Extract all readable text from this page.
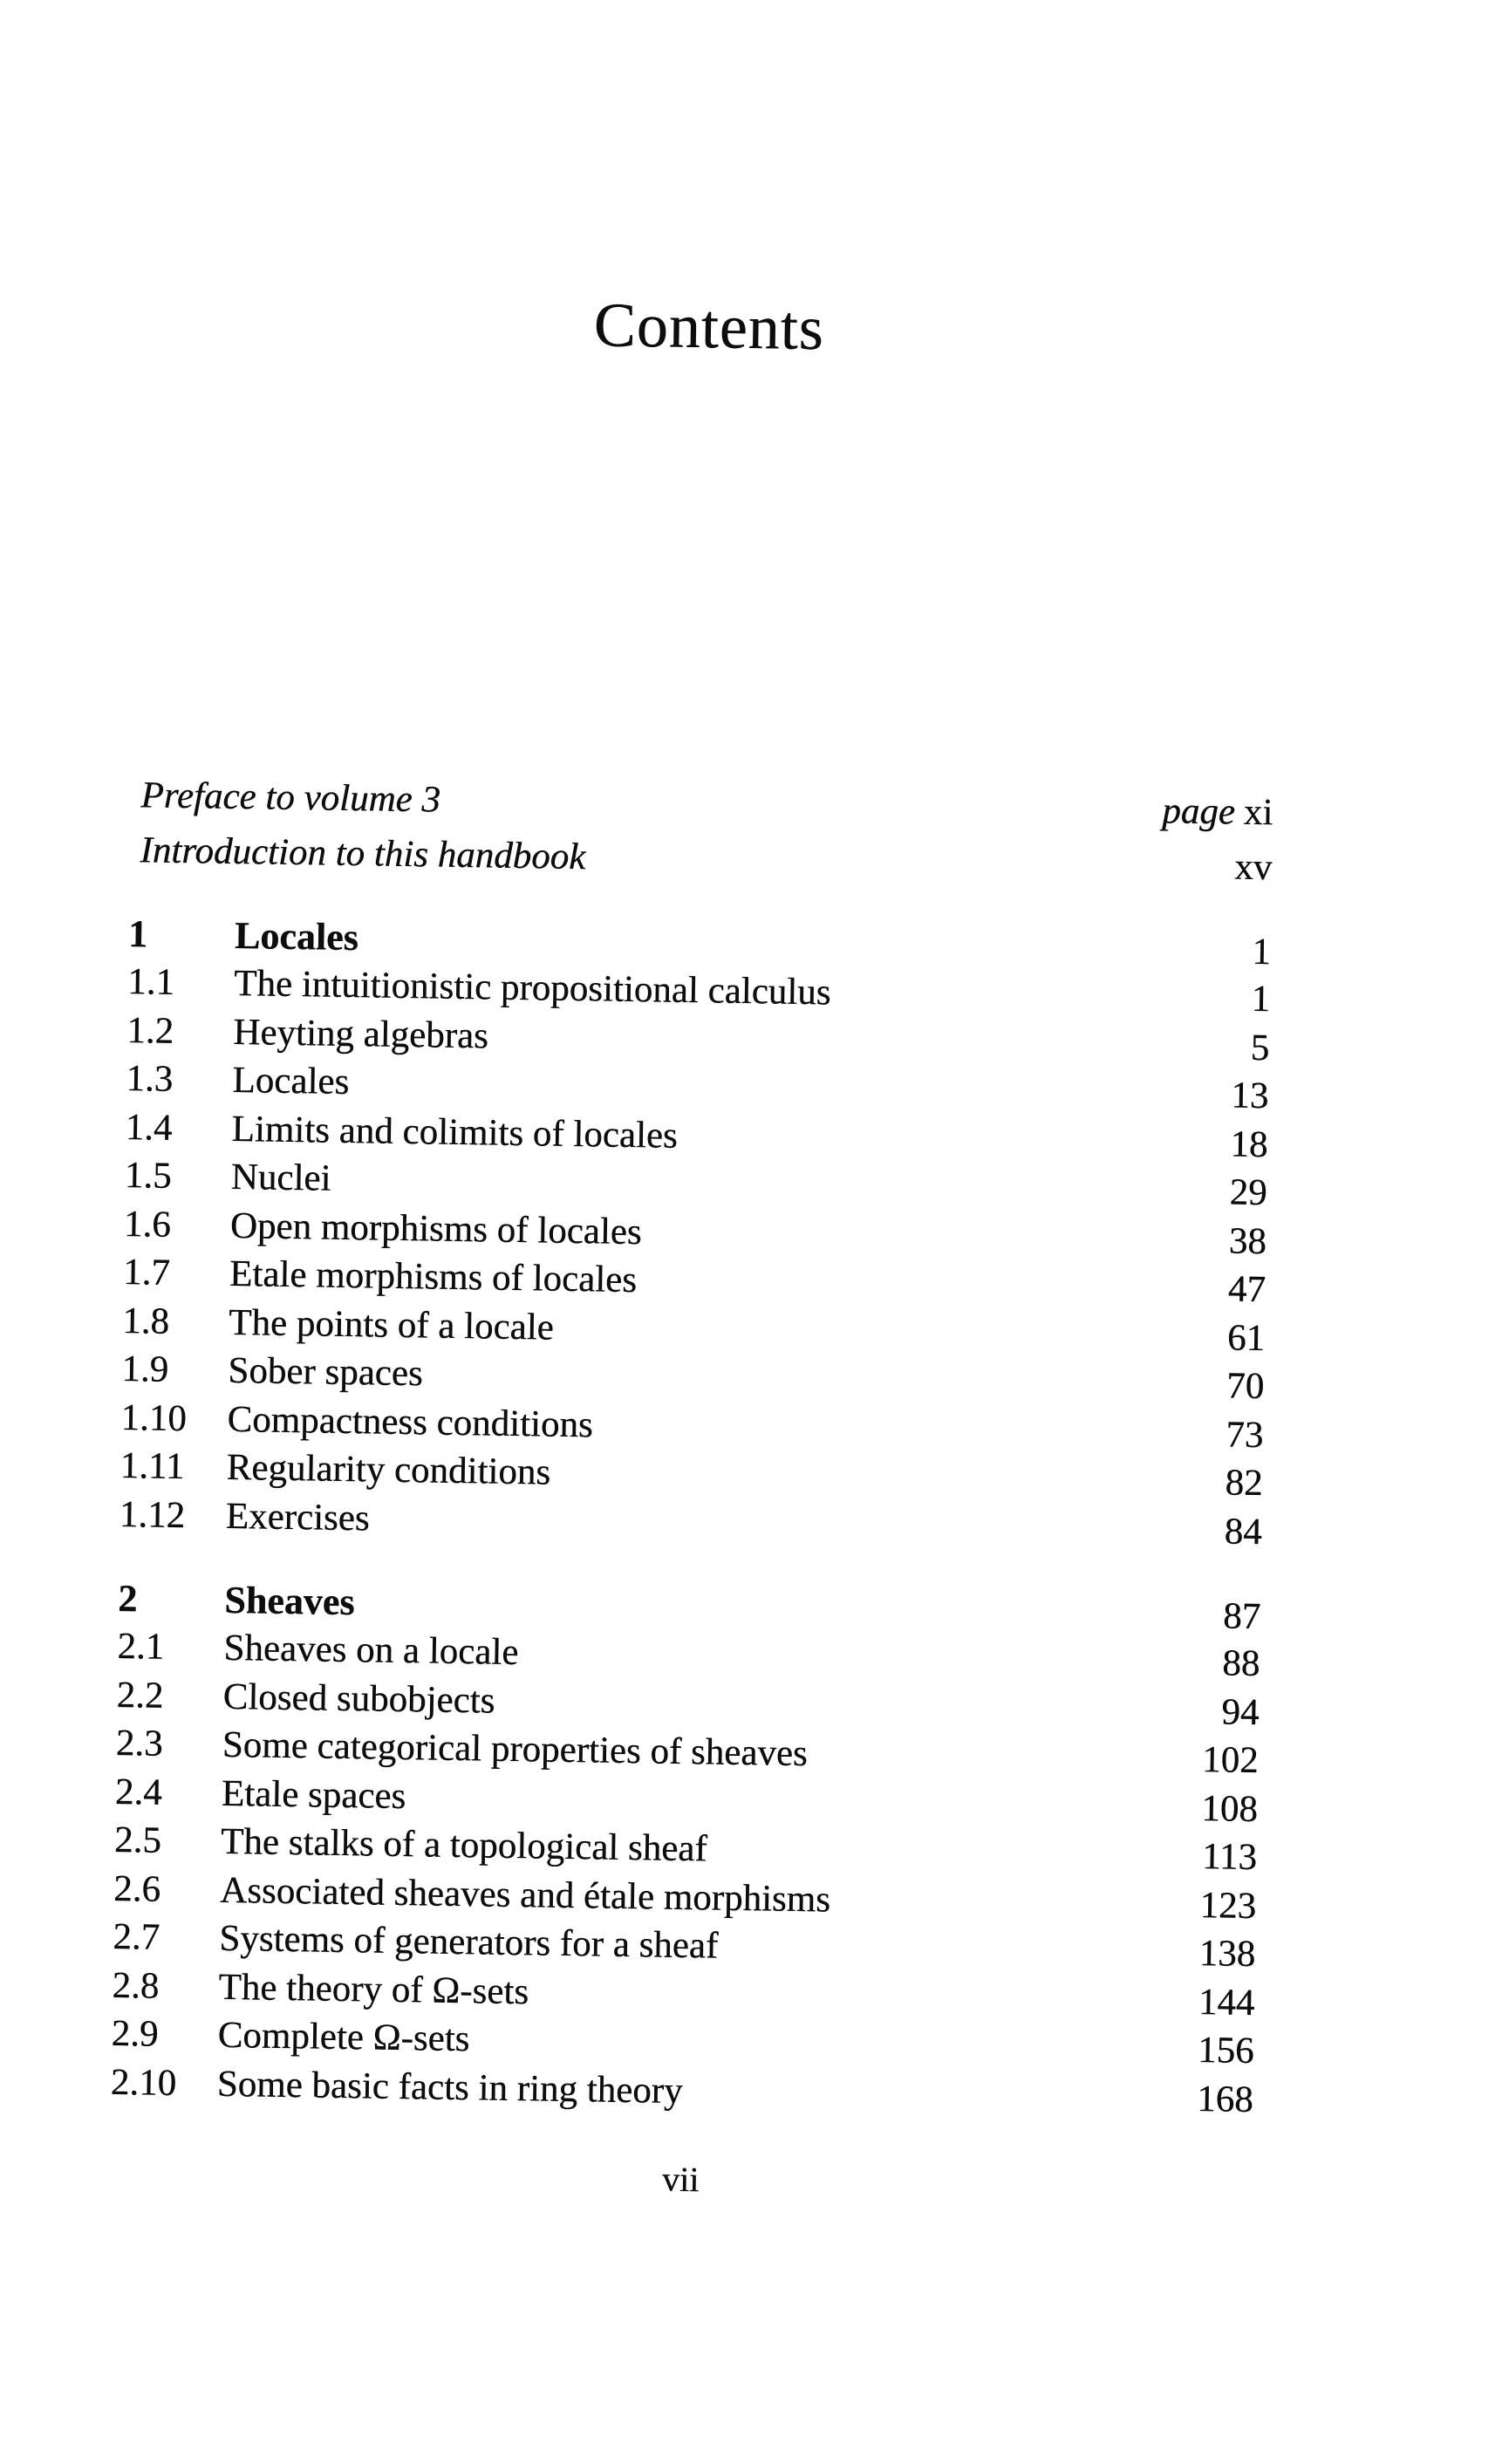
Contents
Preface to volume 3	page xi
Introduction to this handbook	xv
1	Locales	1
1.1	The intuitionistic propositional calculus	1
1.2	Heyting algebras	5
1.3	Locales	13
1.4	Limits and colimits of locales	18
1.5	Nuclei	29
1.6	Open morphisms of locales	38
1.7	Etale morphisms of locales	47
1.8	The points of a locale	61
1.9	Sober spaces	70
1.10	Compactness conditions	73
1.11	Regularity conditions	82
1.12	Exercises	84
2	Sheaves	87
2.1	Sheaves on a locale	88
2.2	Closed subobjects	94
2.3	Some categorical properties of sheaves	102
2.4	Etale spaces	108
2.5	The stalks of a topological sheaf	113
2.6	Associated sheaves and étale morphisms	123
2.7	Systems of generators for a sheaf	138
2.8	The theory of Ω-sets	144
2.9	Complete Ω-sets	156
2.10	Some basic facts in ring theory	168
vii
